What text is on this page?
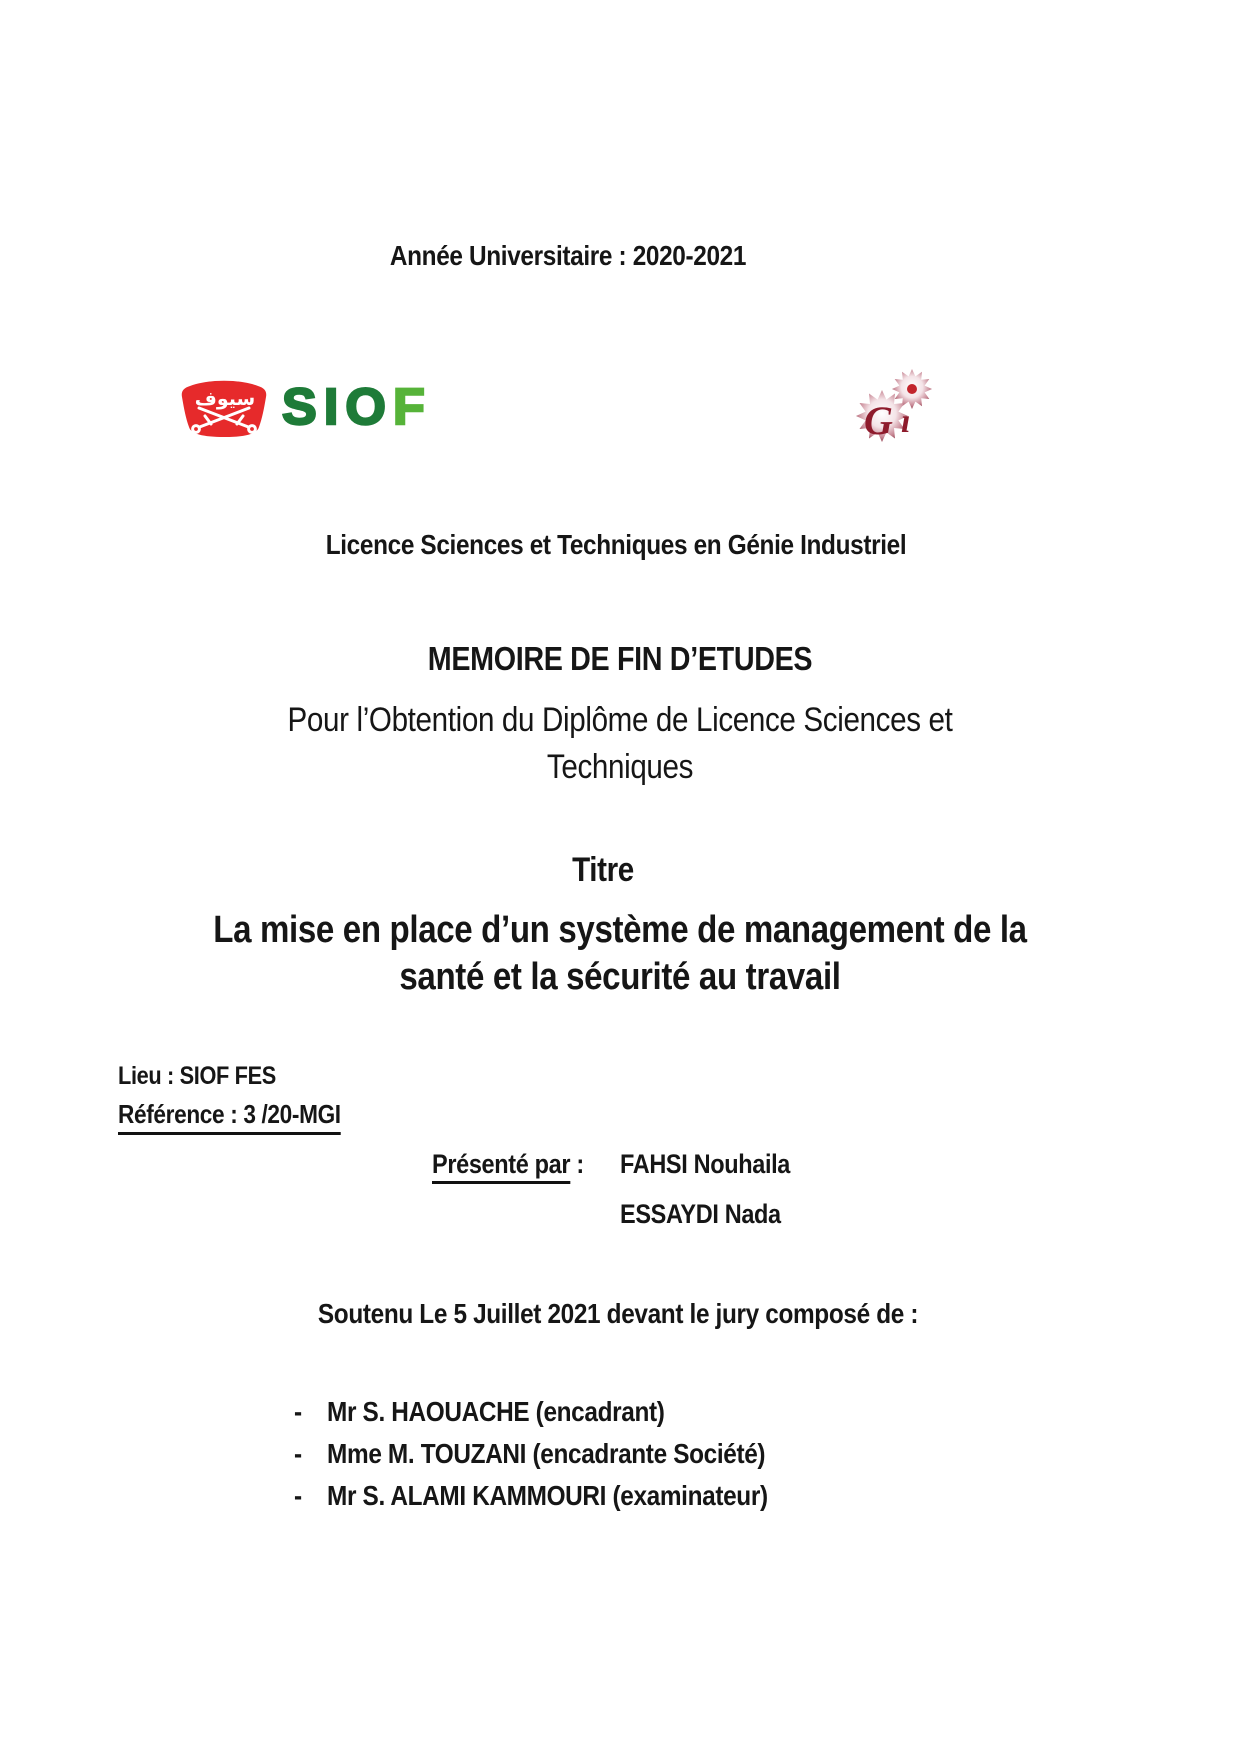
Année Universitaire : 2020-2021
سيوف SIOF	G ı
Licence Sciences et Techniques en Génie Industriel
MEMOIRE DE FIN D’ETUDES
Pour l’Obtention du Diplôme de Licence Sciences et
Techniques
Titre
La mise en place d’un système de management de la
santé et la sécurité au travail
Lieu : SIOF FES
Référence : 3 /20-MGI
Présenté par : FAHSI Nouhaila
ESSAYDI Nada
Soutenu Le 5 Juillet 2021 devant le jury composé de :
- Mr S. HAOUACHE (encadrant)
- Mme M. TOUZANI (encadrante Société)
- Mr S. ALAMI KAMMOURI (examinateur)
